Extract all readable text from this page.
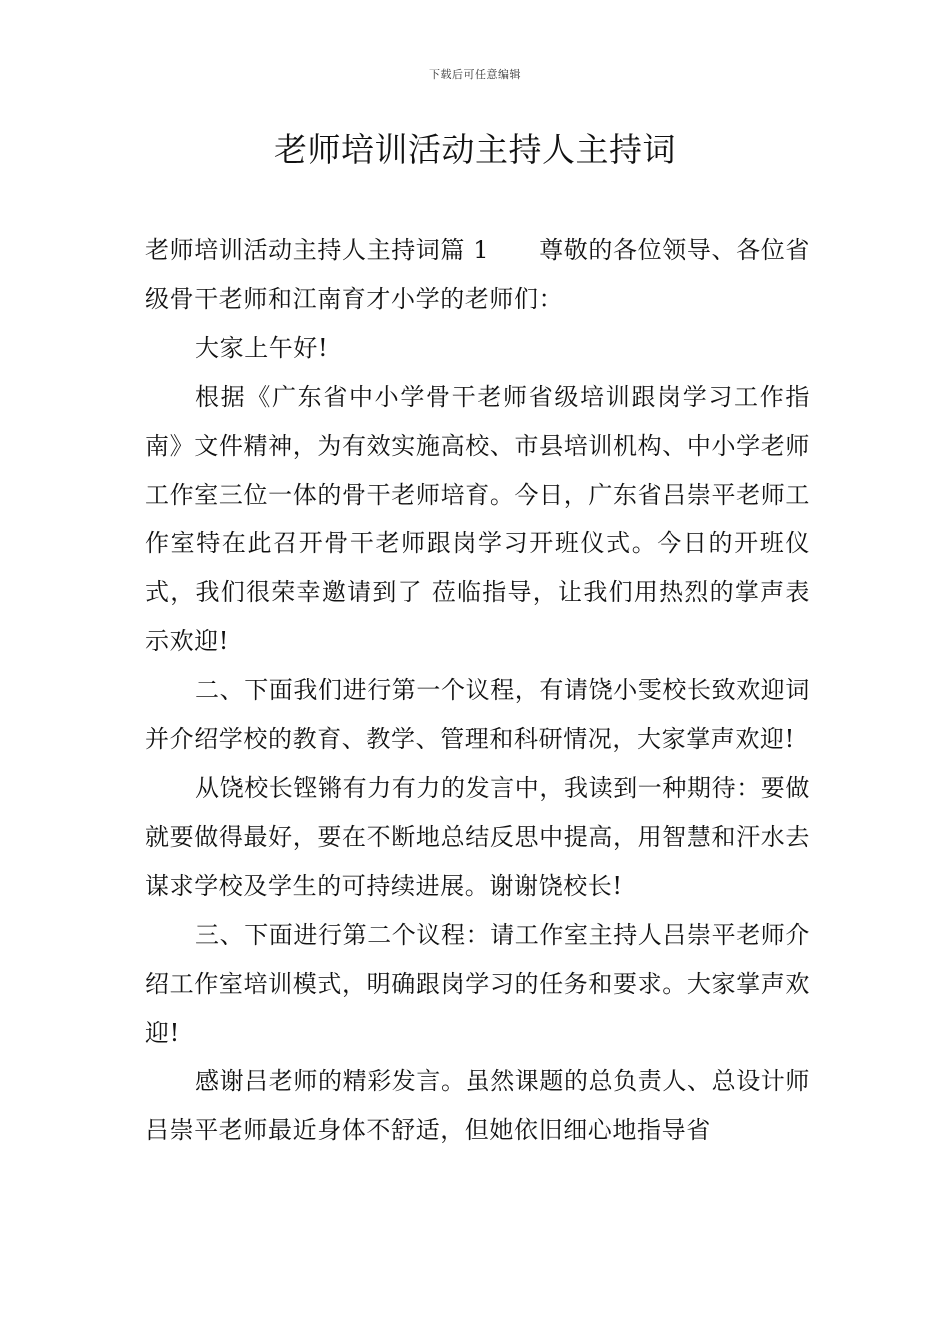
下载后可任意编辑
老师培训活动主持人主持词

老师培训活动主持人主持词篇 1 尊敬的各位领导、各位省级骨干老师和江南育才小学的老师们：

大家上午好!

根据《广东省中小学骨干老师省级培训跟岗学习工作指南》文件精神，为有效实施高校、市县培训机构、中小学老师工作室三位一体的骨干老师培育。今日，广东省吕崇平老师工作室特在此召开骨干老师跟岗学习开班仪式。今日的开班仪式，我们很荣幸邀请到了 莅临指导，让我们用热烈的掌声表示欢迎!

二、下面我们进行第一个议程，有请饶小雯校长致欢迎词并介绍学校的教育、教学、管理和科研情况，大家掌声欢迎!

从饶校长铿锵有力有力的发言中，我读到一种期待：要做就要做得最好，要在不断地总结反思中提高，用智慧和汗水去谋求学校及学生的可持续进展。谢谢饶校长!

三、下面进行第二个议程：请工作室主持人吕崇平老师介绍工作室培训模式，明确跟岗学习的任务和要求。大家掌声欢迎!

感谢吕老师的精彩发言。虽然课题的总负责人、总设计师吕崇平老师最近身体不舒适，但她依旧细心地指导省
